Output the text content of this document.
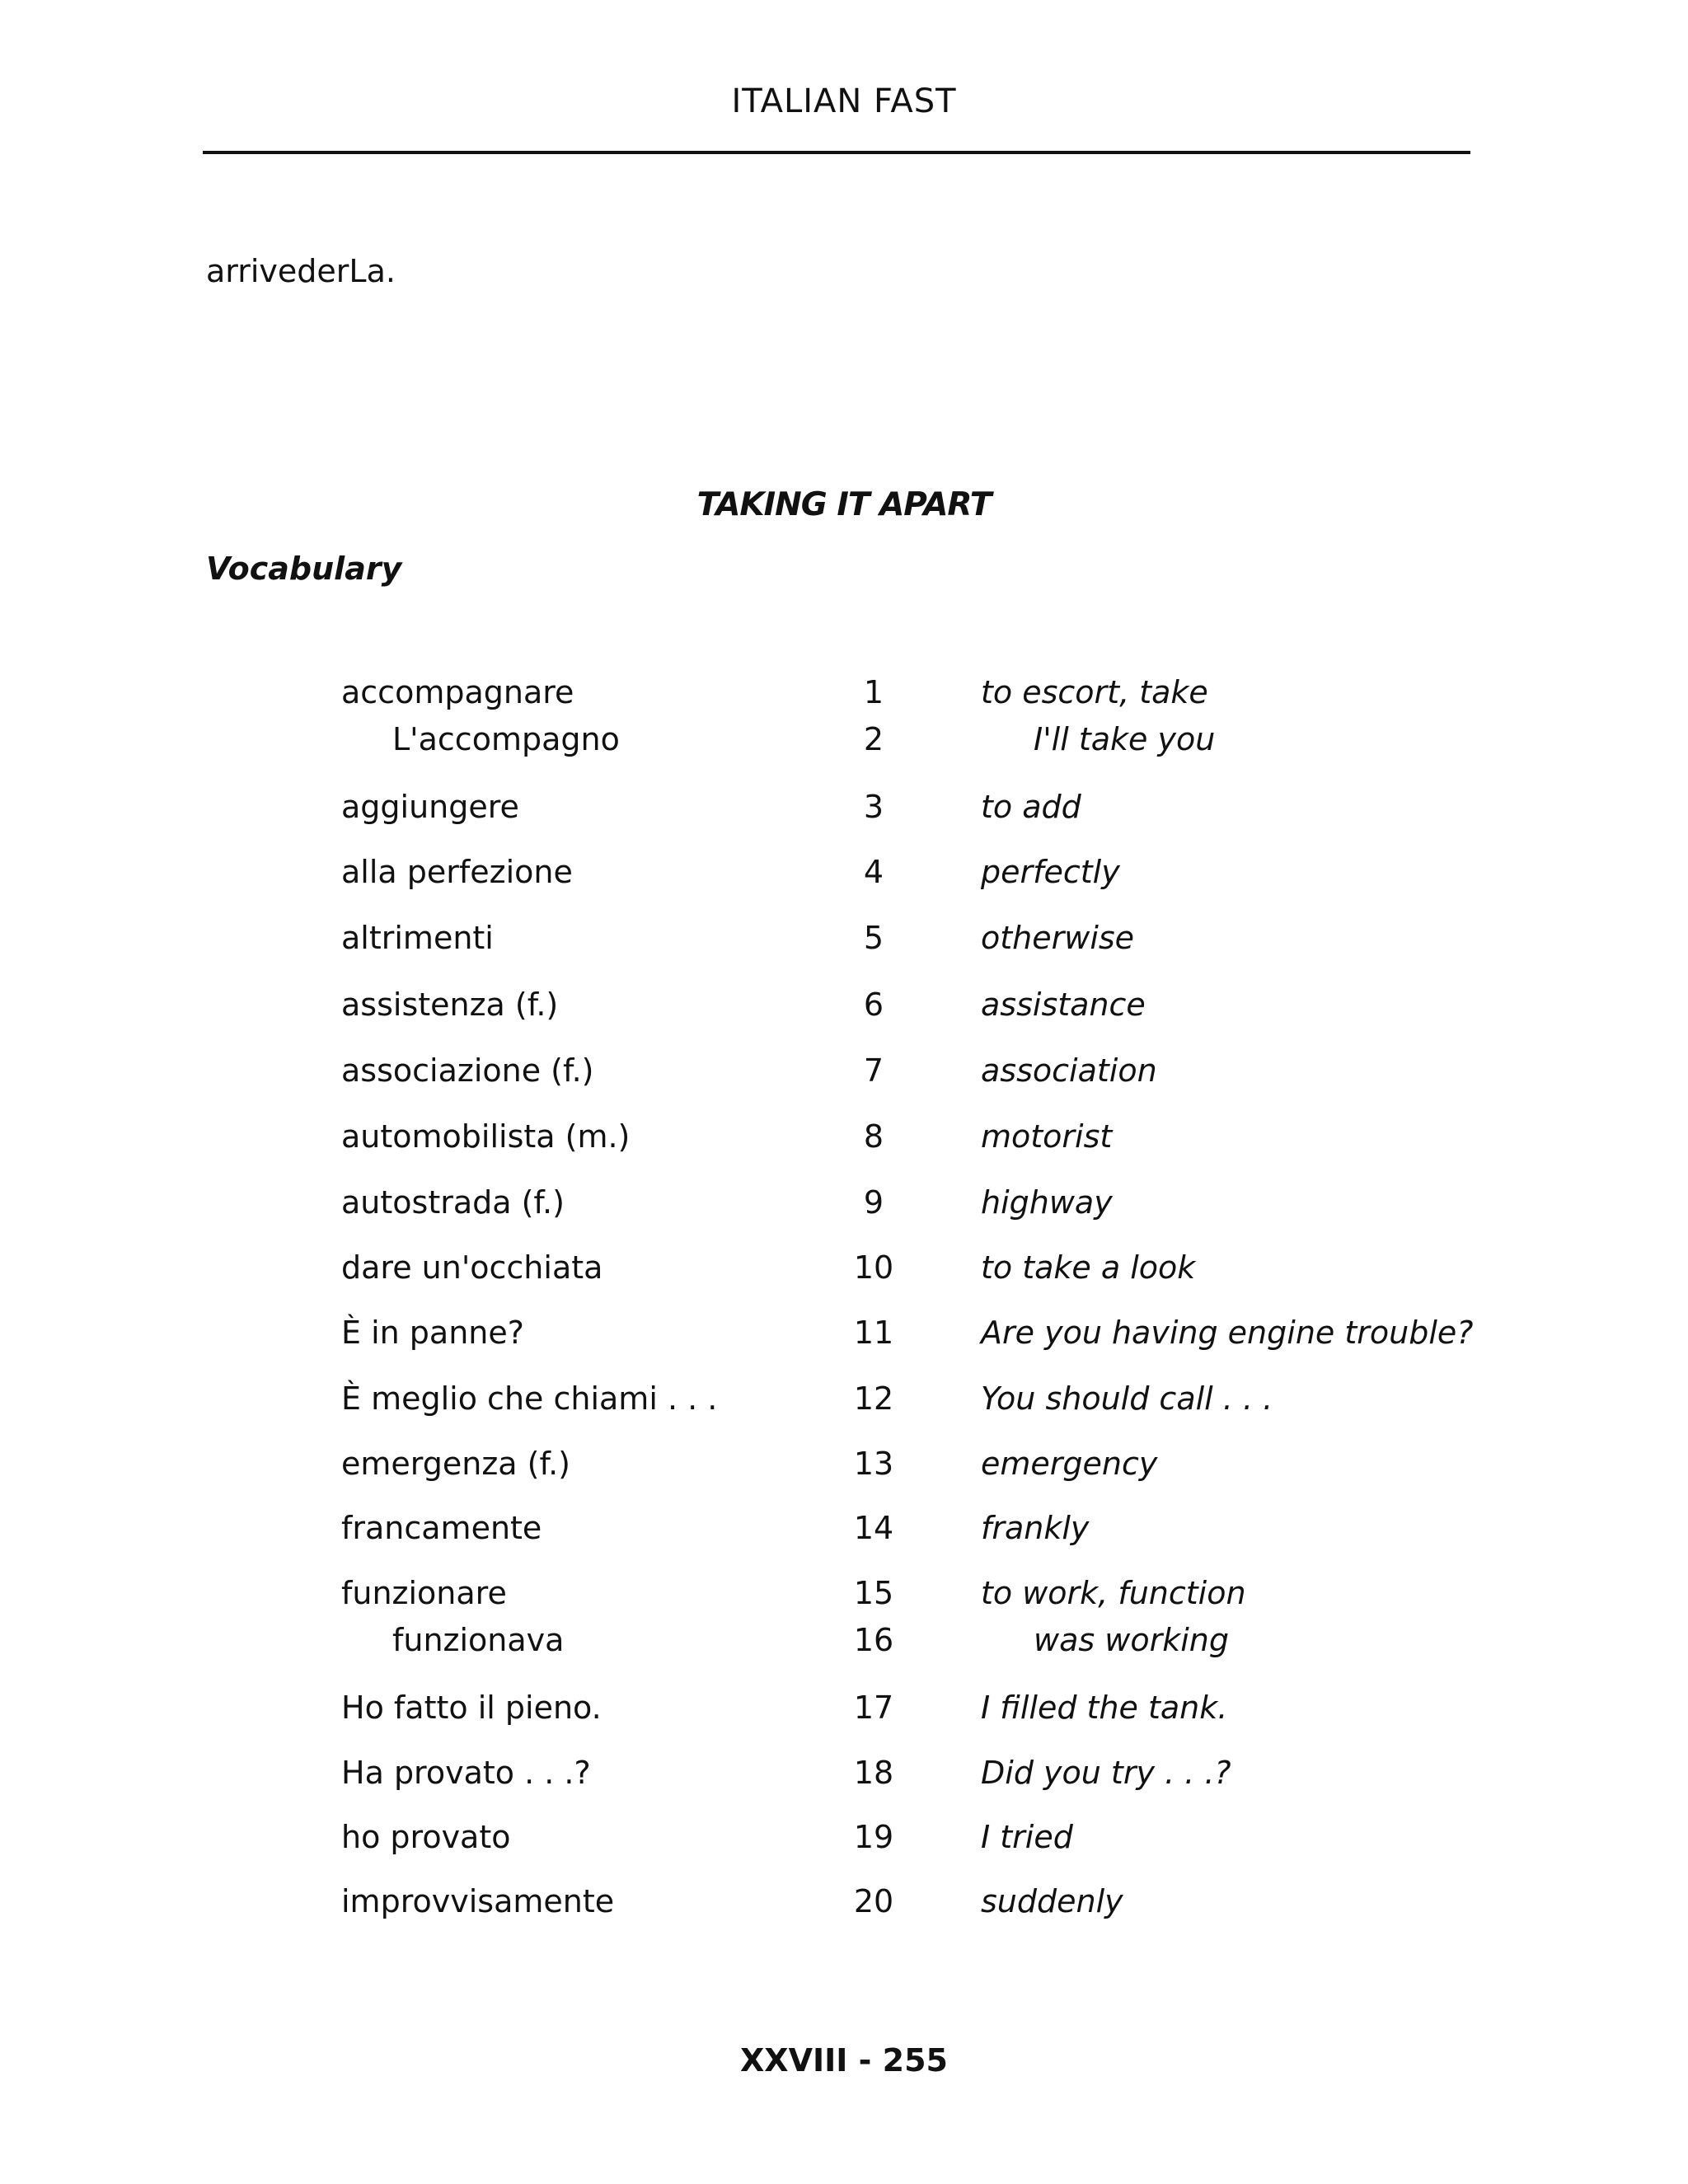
ITALIAN FAST
arrivederLa.
TAKING IT APART
Vocabulary
accompagnare	1	to escort, take
L'accompagno	2	I'll take you
aggiungere	3	to add
alla perfezione	4	perfectly
altrimenti	5	otherwise
assistenza (f.)	6	assistance
associazione (f.)	7	association
automobilista (m.)	8	motorist
autostrada (f.)	9	highway
dare un'occhiata	10	to take a look
È in panne?	11	Are you having engine trouble?
È meglio che chiami . . .	12	You should call . . .
emergenza (f.)	13	emergency
francamente	14	frankly
funzionare	15	to work, function
funzionava	16	was working
Ho fatto il pieno.	17	I filled the tank.
Ha provato . . .?	18	Did you try . . .?
ho provato	19	I tried
improvvisamente	20	suddenly
XXVIII - 255
